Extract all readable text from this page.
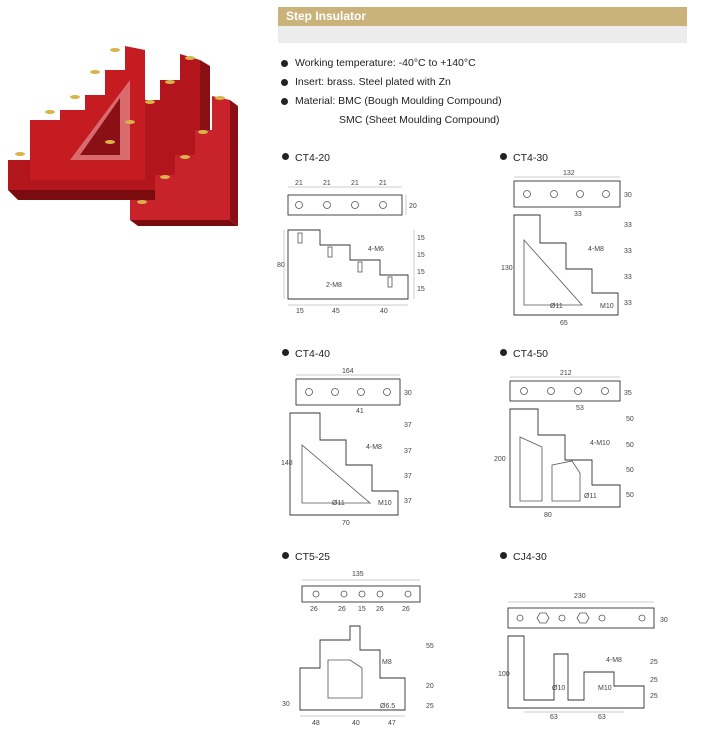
Step Insulator
Working temperature: -40°C to +140°C
Insert: brass. Steel plated with Zn
Material: BMC (Bough Moulding Compound)
SMC (Sheet Moulding Compound)
CT4-20	CT4-30
CT4-40	CT4-50
CT5-25	CJ4-30
21	21	21	21
20
80
15
15
15
15
4-M6
2-M8
15	45	40
132
30
33
130
33
33
33
33
4-M8
Ø11	M10
65
164
30
41
148
37
37
37
37
4-M8
Ø11	M10
70
212
35
53
200
50
50
50
50
4-M10
Ø11
80
135
26	26 15 26	26
30
55
20
25
M8
Ø6.5
48	40	47
230
30
100
25
25
25
4-M8
Ø10	M10
63	63
